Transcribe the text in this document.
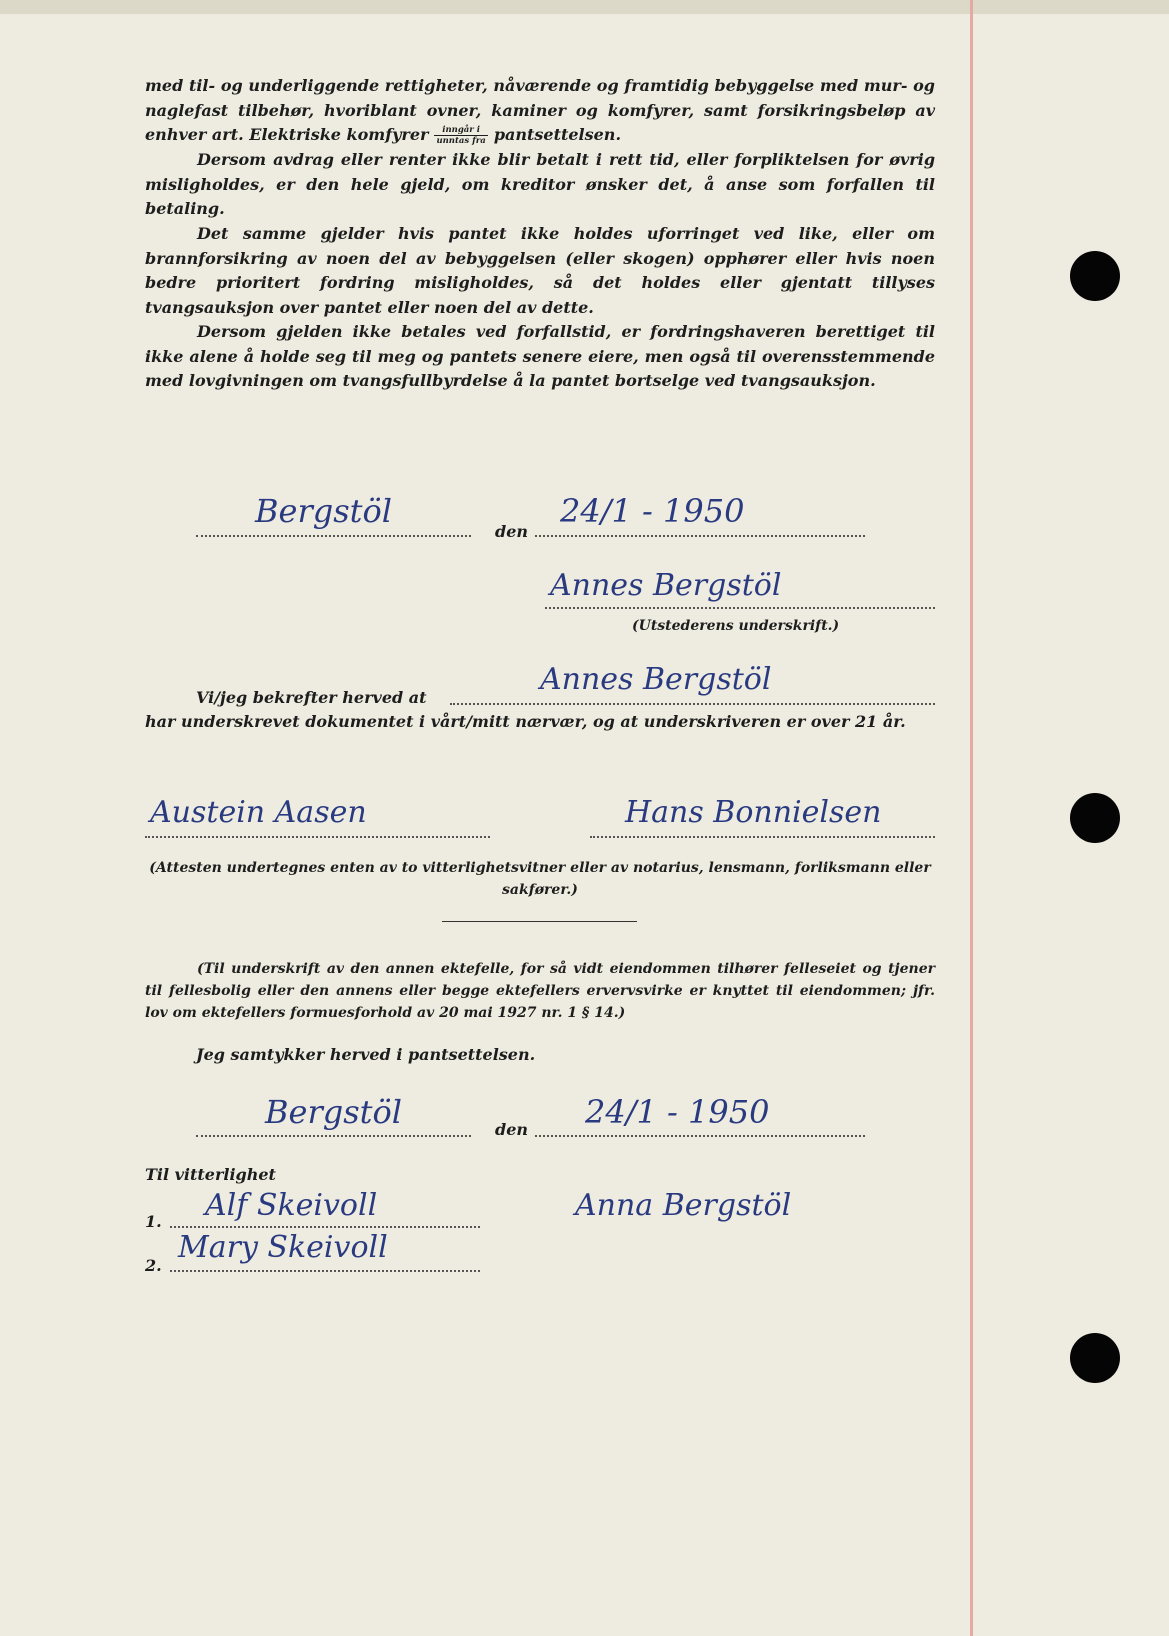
med til- og underliggende rettigheter, nåværende og framtidig bebyggelse med mur- og naglefast tilbehør, hvoriblant ovner, kaminer og komfyrer, samt forsikringsbeløp av enhver art. Elektriske komfyrer $\frac{\text{inngår i}}{\text{unntas fra}}$ pantsettelsen.

Dersom avdrag eller renter ikke blir betalt i rett tid, eller forpliktelsen for øvrig misligholdes, er den hele gjeld, om kreditor ønsker det, å anse som forfallen til betaling.

Det samme gjelder hvis pantet ikke holdes uforringet ved like, eller om brannforsikring av noen del av bebyggelsen (eller skogen) opphører eller hvis noen bedre prioritert fordring misligholdes, så det holdes eller gjentatt tillyses tvangsauksjon over pantet eller noen del av dette.

Dersom gjelden ikke betales ved forfallstid, er fordringshaveren berettiget til ikke alene å holde seg til meg og pantets senere eiere, men også til overensstemmende med lovgivningen om tvangsfullbyrdelse å la pantet bortselge ved tvangsauksjon.

Bergstöl
den
24/1 - 1950
Annes Bergstöl
(Utstederens underskrift.)
Vi/jeg bekrefter herved at
Annes Bergstöl

har underskrevet dokumentet i vårt/mitt nærvær, og at underskriveren er over 21 år.

Austein Aasen	Hans Bonnielsen
(Attesten undertegnes enten av to vitterlighetsvitner eller av notarius, lensmann, forliksmann eller sakfører.)
(Til underskrift av den annen ektefelle, for så vidt eiendommen tilhører felleseiet og tjener til fellesbolig eller den annens eller begge ektefellers ervervsvirke er knyttet til eiendommen; jfr. lov om ektefellers formuesforhold av 20 mai 1927 nr. 1 § 14.)
Jeg samtykker herved i pantsettelsen.
Bergstöl	den 24/1 - 1950
Til vitterlighet
1. Alf Skeivoll	Anna Bergstöl
2.
Mary Skeivoll
